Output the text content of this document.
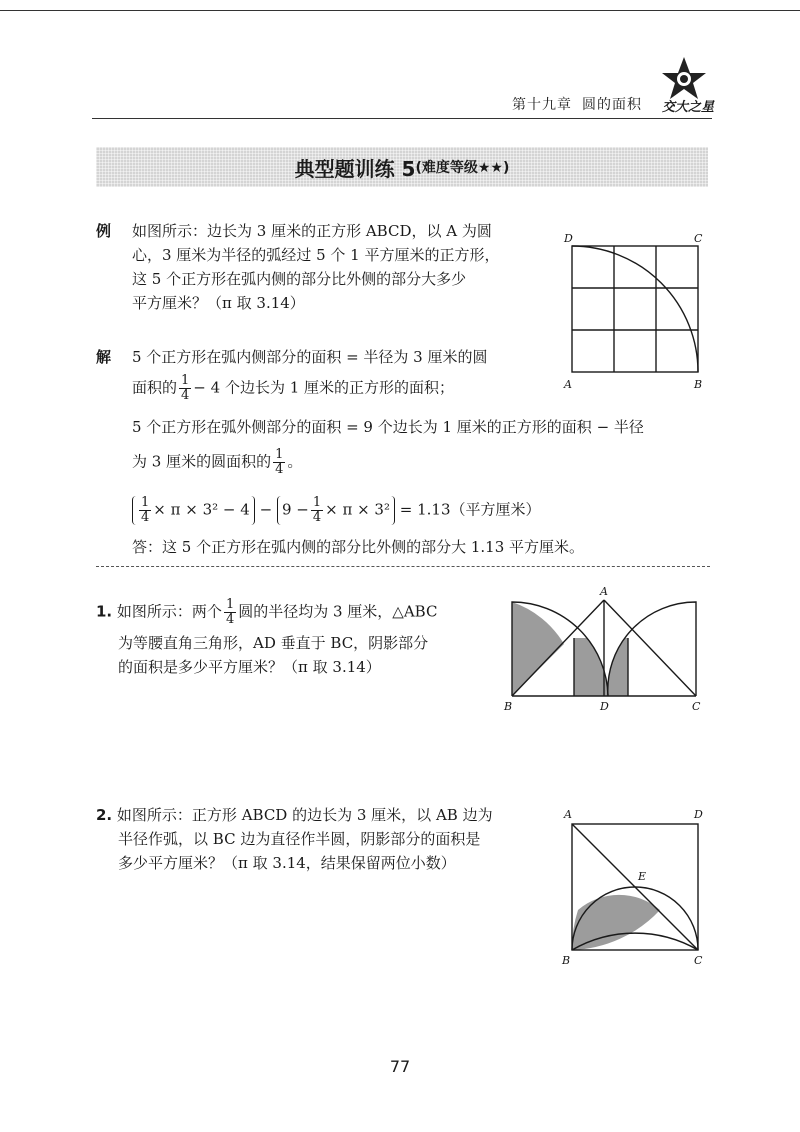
交大之星
第十九章 圆的面积
典型题训练 5 (难度等级★★)
例 如图所示：边长为 3 厘米的正方形 ABCD，以 A 为圆
心，3 厘米为半径的弧经过 5 个 1 平方厘米的正方形，
这 5 个正方形在弧内侧的部分比外侧的部分大多少
平方厘米？（π 取 3.14）
D	C
A	B
解 5 个正方形在弧内侧部分的面积 = 半径为 3 厘米的圆
面积的 $\frac{1}{4} - 4$ 个边长为 1 厘米的正方形的面积；
5 个正方形在弧外侧部分的面积 = 9 个边长为 1 厘米的正方形的面积 − 半径
为 3 厘米的圆面积的 $\frac{1}{4}$ 。
$\frac{1}{4} \times \pi \times 3^2 - 4 - 9 - \frac{1}{4} \times \pi \times 3^2 = 1.13$（平方厘米）
答：这 5 个正方形在弧内侧的部分比外侧的部分大 1.13 平方厘米。
1. 如图所示：两个 $\frac{1}{4}$ 圆的半径均为 3 厘米，△ABC
为等腰直角三角形，AD 垂直于 BC，阴影部分
的面积是多少平方厘米？（π 取 3.14）
A
B	D	C
2. 如图所示：正方形 ABCD 的边长为 3 厘米，以 AB 边为
半径作弧，以 BC 边为直径作半圆，阴影部分的面积是
多少平方厘米？（π 取 3.14，结果保留两位小数）
A	D
E
B	C
77
